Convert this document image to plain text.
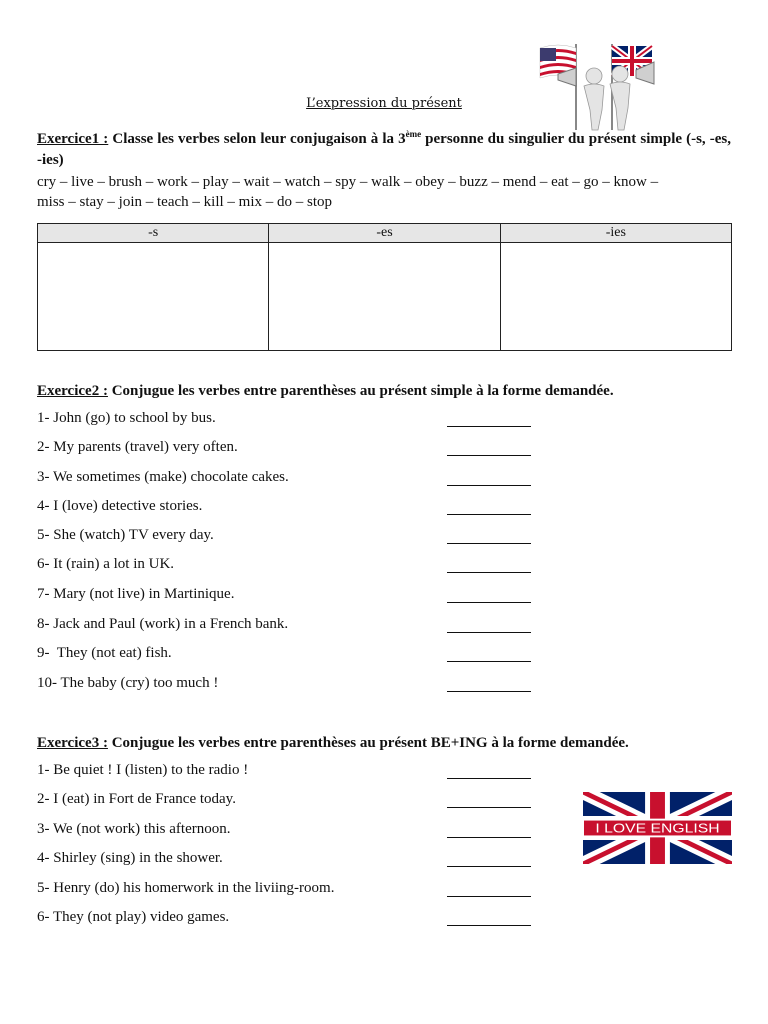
L’expression du présent
Exercice1 : Classe les verbes selon leur conjugaison à la 3ème personne du singulier du présent simple (-s, -es, -ies)
cry – live – brush – work – play – wait – watch – spy – walk – obey – buzz – mend – eat – go – know –
miss – stay – join – teach – kill – mix – do – stop
-s	-es	-ies

Exercice2 : Conjugue les verbes entre parenthèses au présent simple à la forme demandée.
1- John (go) to school by bus.
2- My parents (travel) very often.
3- We sometimes (make) chocolate cakes.
4- I (love) detective stories.
5- She (watch) TV every day.
6- It (rain) a lot in UK.
7- Mary (not live) in Martinique.
8- Jack and Paul (work) in a French bank.
9-  They (not eat) fish.
10- The baby (cry) too much !
Exercice3 : Conjugue les verbes entre parenthèses au présent BE+ING à la forme demandée.
1- Be quiet ! I (listen) to the radio !
2- I (eat) in Fort de France today.
3- We (not work) this afternoon.
4- Shirley (sing) in the shower.
5- Henry (do) his homerwork in the liviing-room.
6- They (not play) video games.
I LOVE ENGLISH
